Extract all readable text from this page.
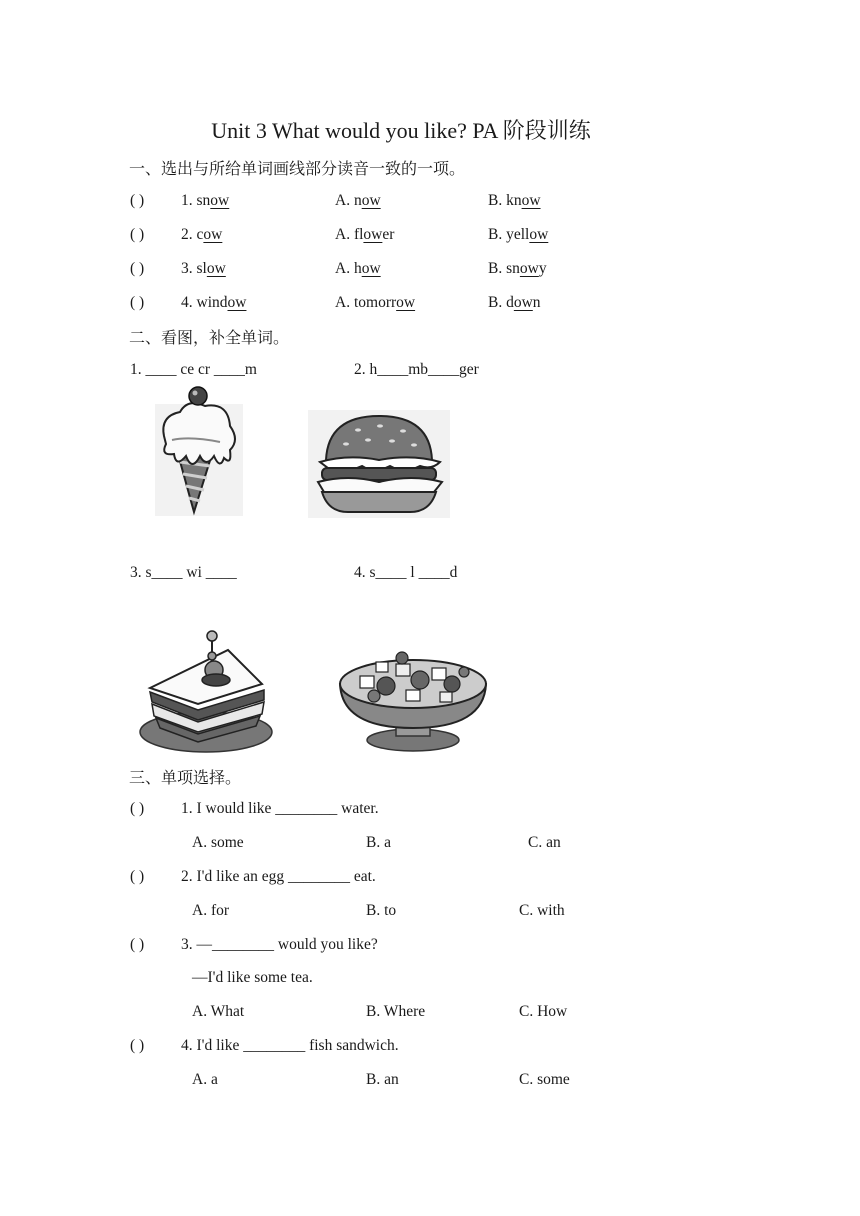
Unit 3 What would you like? PA 阶段训练
一、选出与所给单词画线部分读音一致的一项。
( ) 1. snow	A. now	B. know
( ) 2. cow	A. flower	B. yellow
( ) 3. slow	A. how	B. snowy
( ) 4. window	A. tomorrow	B. down
二、看图，补全单词。
1. ____ ce cr ____m	2. h____mb____ger
3. s____ wi ____	4. s____ l ____d
三、单项选择。
( ) 1. I would like ________ water.
A. some	B. a	C. an
( ) 2. I'd like an egg ________ eat.
A. for	B. to	C. with
( ) 3. —________ would you like?
—I'd like some tea.
A. What	B. Where	C. How
( ) 4. I'd like ________ fish sandwich.
A. a	B. an	C. some
